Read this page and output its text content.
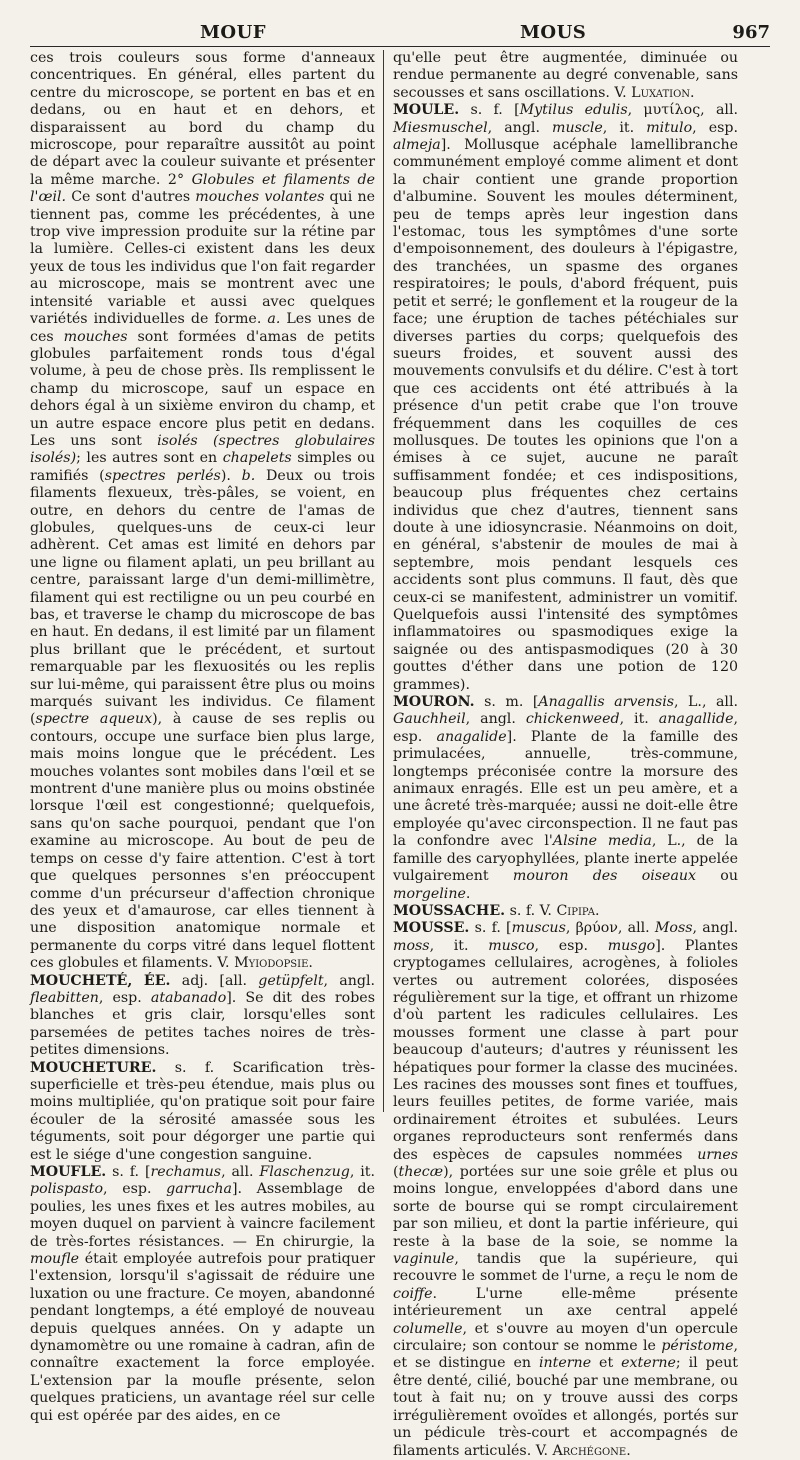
MOUF	MOUS	967

ces trois couleurs sous forme d'anneaux concentriques. En général, elles partent du centre du microscope, se portent en bas et en dedans, ou en haut et en dehors, et disparaissent au bord du champ du microscope, pour reparaître aussitôt au point de départ avec la couleur suivante et présenter la même marche. 2° Globules et filaments de l'œil. Ce sont d'autres mouches volantes qui ne tiennent pas, comme les précédentes, à une trop vive impression produite sur la rétine par la lumière. Celles-ci existent dans les deux yeux de tous les individus que l'on fait regarder au microscope, mais se montrent avec une intensité variable et aussi avec quelques variétés individuelles de forme. a. Les unes de ces mouches sont formées d'amas de petits globules parfaitement ronds tous d'égal volume, à peu de chose près. Ils remplissent le champ du microscope, sauf un espace en dehors égal à un sixième environ du champ, et un autre espace encore plus petit en dedans. Les uns sont isolés (spectres globulaires isolés); les autres sont en chapelets simples ou ramifiés (spectres perlés). b. Deux ou trois filaments flexueux, très-pâles, se voient, en outre, en dehors du centre de l'amas de globules, quelques-uns de ceux-ci leur adhèrent. Cet amas est limité en dehors par une ligne ou filament aplati, un peu brillant au centre, paraissant large d'un demi-millimètre, filament qui est rectiligne ou un peu courbé en bas, et traverse le champ du microscope de bas en haut. En dedans, il est limité par un filament plus brillant que le précédent, et surtout remarquable par les flexuosités ou les replis sur lui-même, qui paraissent être plus ou moins marqués suivant les individus. Ce filament (spectre aqueux), à cause de ses replis ou contours, occupe une surface bien plus large, mais moins longue que le précédent. Les mouches volantes sont mobiles dans l'œil et se montrent d'une manière plus ou moins obstinée lorsque l'œil est congestionné; quelquefois, sans qu'on sache pourquoi, pendant que l'on examine au microscope. Au bout de peu de temps on cesse d'y faire attention. C'est à tort que quelques personnes s'en préoccupent comme d'un précurseur d'affection chronique des yeux et d'amaurose, car elles tiennent à une disposition anatomique normale et permanente du corps vitré dans lequel flottent ces globules et filaments. V. Myiodopsie.

MOUCHETÉ, ÉE. adj. [all. getüpfelt, angl. fleabitten, esp. atabanado]. Se dit des robes blanches et gris clair, lorsqu'elles sont parsemées de petites taches noires de très-petites dimensions.

MOUCHETURE. s. f. Scarification très-superficielle et très-peu étendue, mais plus ou moins multipliée, qu'on pratique soit pour faire écouler de la sérosité amassée sous les téguments, soit pour dégorger une partie qui est le siége d'une congestion sanguine.

MOUFLE. s. f. [rechamus, all. Flaschenzug, it. polispasto, esp. garrucha]. Assemblage de poulies, les unes fixes et les autres mobiles, au moyen duquel on parvient à vaincre facilement de très-fortes résistances. — En chirurgie, la moufle était employée autrefois pour pratiquer l'extension, lorsqu'il s'agissait de réduire une luxation ou une fracture. Ce moyen, abandonné pendant longtemps, a été employé de nouveau depuis quelques années. On y adapte un dynamomètre ou une romaine à cadran, afin de connaître exactement la force employée. L'extension par la moufle présente, selon quelques praticiens, un avantage réel sur celle qui est opérée par des aides, en ce

qu'elle peut être augmentée, diminuée ou rendue permanente au degré convenable, sans secousses et sans oscillations. V. Luxation.

MOULE. s. f. [Mytilus edulis, μυτίλος, all. Miesmuschel, angl. muscle, it. mitulo, esp. almeja]. Mollusque acéphale lamellibranche communément employé comme aliment et dont la chair contient une grande proportion d'albumine. Souvent les moules déterminent, peu de temps après leur ingestion dans l'estomac, tous les symptômes d'une sorte d'empoisonnement, des douleurs à l'épigastre, des tranchées, un spasme des organes respiratoires; le pouls, d'abord fréquent, puis petit et serré; le gonflement et la rougeur de la face; une éruption de taches pétéchiales sur diverses parties du corps; quelquefois des sueurs froides, et souvent aussi des mouvements convulsifs et du délire. C'est à tort que ces accidents ont été attribués à la présence d'un petit crabe que l'on trouve fréquemment dans les coquilles de ces mollusques. De toutes les opinions que l'on a émises à ce sujet, aucune ne paraît suffisamment fondée; et ces indispositions, beaucoup plus fréquentes chez certains individus que chez d'autres, tiennent sans doute à une idiosyncrasie. Néanmoins on doit, en général, s'abstenir de moules de mai à septembre, mois pendant lesquels ces accidents sont plus communs. Il faut, dès que ceux-ci se manifestent, administrer un vomitif. Quelquefois aussi l'intensité des symptômes inflammatoires ou spasmodiques exige la saignée ou des antispasmodiques (20 à 30 gouttes d'éther dans une potion de 120 grammes).

MOURON. s. m. [Anagallis arvensis, L., all. Gauchheil, angl. chickenweed, it. anagallide, esp. anagalide]. Plante de la famille des primulacées, annuelle, très-commune, longtemps préconisée contre la morsure des animaux enragés. Elle est un peu amère, et a une âcreté très-marquée; aussi ne doit-elle être employée qu'avec circonspection. Il ne faut pas la confondre avec l'Alsine media, L., de la famille des caryophyllées, plante inerte appelée vulgairement mouron des oiseaux ou morgeline.

MOUSSACHE. s. f. V. Cipipa.

MOUSSE. s. f. [muscus, βρύον, all. Moss, angl. moss, it. musco, esp. musgo]. Plantes cryptogames cellulaires, acrogènes, à folioles vertes ou autrement colorées, disposées régulièrement sur la tige, et offrant un rhizome d'où partent les radicules cellulaires. Les mousses forment une classe à part pour beaucoup d'auteurs; d'autres y réunissent les hépatiques pour former la classe des mucinées. Les racines des mousses sont fines et touffues, leurs feuilles petites, de forme variée, mais ordinairement étroites et subulées. Leurs organes reproducteurs sont renfermés dans des espèces de capsules nommées urnes (thecæ), portées sur une soie grêle et plus ou moins longue, enveloppées d'abord dans une sorte de bourse qui se rompt circulairement par son milieu, et dont la partie inférieure, qui reste à la base de la soie, se nomme la vaginule, tandis que la supérieure, qui recouvre le sommet de l'urne, a reçu le nom de coiffe. L'urne elle-même présente intérieurement un axe central appelé columelle, et s'ouvre au moyen d'un opercule circulaire; son contour se nomme le péristome, et se distingue en interne et externe; il peut être denté, cilié, bouché par une membrane, ou tout à fait nu; on y trouve aussi des corps irrégulièrement ovoïdes et allongés, portés sur un pédicule très-court et accompagnés de filaments articulés. V. Archégone.
